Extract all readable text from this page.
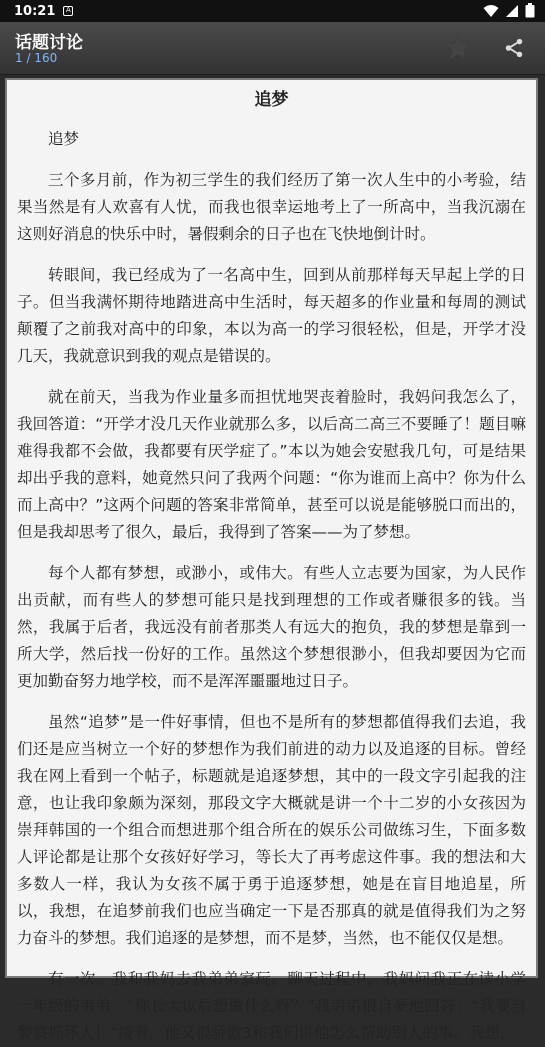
10:21	A
话题讨论
1 / 160
追梦

追梦

三个多月前，作为初三学生的我们经历了第一次人生中的小考验，结果当然是有人欢喜有人忧，而我也很幸运地考上了一所高中，当我沉溺在这则好消息的快乐中时，暑假剩余的日子也在飞快地倒计时。

转眼间，我已经成为了一名高中生，回到从前那样每天早起上学的日子。但当我满怀期待地踏进高中生活时，每天超多的作业量和每周的测试颠覆了之前我对高中的印象，本以为高一的学习很轻松，但是，开学才没几天，我就意识到我的观点是错误的。

就在前天，当我为作业量多而担忧地哭丧着脸时，我妈问我怎么了，我回答道：“开学才没几天作业就那么多，以后高二高三不要睡了！题目嘛难得我都不会做，我都要有厌学症了。”本以为她会安慰我几句，可是结果却出乎我的意料，她竟然只问了我两个问题：“你为谁而上高中？你为什么而上高中？”这两个问题的答案非常简单，甚至可以说是能够脱口而出的，但是我却思考了很久，最后，我得到了答案——为了梦想。

每个人都有梦想，或渺小，或伟大。有些人立志要为国家，为人民作出贡献，而有些人的梦想可能只是找到理想的工作或者赚很多的钱。当然，我属于后者，我远没有前者那类人有远大的抱负，我的梦想是靠到一所大学，然后找一份好的工作。虽然这个梦想很渺小，但我却要因为它而更加勤奋努力地学校，而不是浑浑噩噩地过日子。

虽然“追梦”是一件好事情，但也不是所有的梦想都值得我们去追，我们还是应当树立一个好的梦想作为我们前进的动力以及追逐的目标。曾经我在网上看到一个帖子，标题就是追逐梦想，其中的一段文字引起我的注意，也让我印象颇为深刻，那段文字大概就是讲一个十二岁的小女孩因为崇拜韩国的一个组合而想进那个组合所在的娱乐公司做练习生，下面多数人评论都是让那个女孩好好学习，等长大了再考虑这件事。我的想法和大多数人一样，我认为女孩不属于勇于追逐梦想，她是在盲目地追星，所以，我想，在追梦前我们也应当确定一下是否那真的就是值得我们为之努力奋斗的梦想。我们追逐的是梦想，而不是梦，当然，也不能仅仅是想。

有一次，我和我妈去我弟弟家玩，聊天过程中，我妈问我正在读小学一年级的弟弟：“你长大以后想做什么呀？”我弟弟很自豪地回答：“我要当警察抓坏人！”接着，他又很骄傲3和我们讲他怎么帮助别人的事。我想，
